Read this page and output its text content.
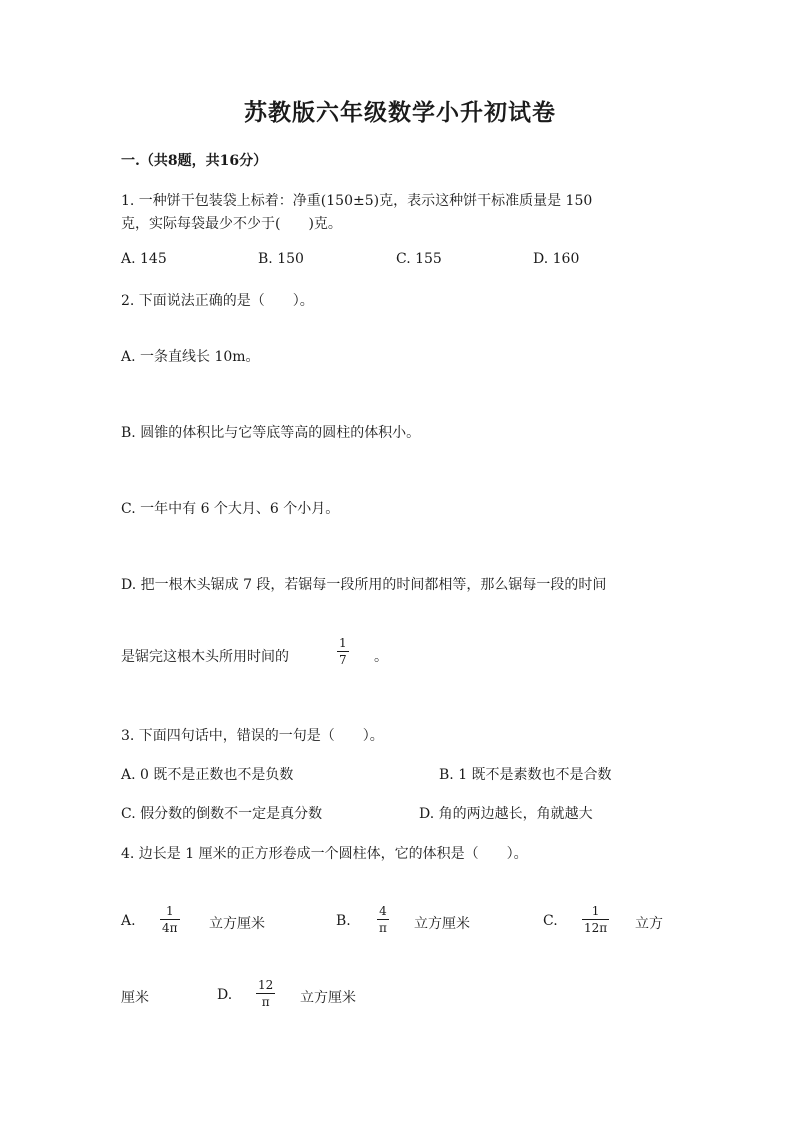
苏教版六年级数学小升初试卷
一.（共8题，共16分）
1. 一种饼干包装袋上标着：净重(150±5)克，表示这种饼干标准质量是 150
克，实际每袋最少不少于(　　)克。
A. 145	B. 150	C. 155	D. 160
2. 下面说法正确的是（　　）。
A. 一条直线长 10m。
B. 圆锥的体积比与它等底等高的圆柱的体积小。
C. 一年中有 6 个大月、6 个小月。
D. 把一根木头锯成 7 段，若锯每一段所用的时间都相等，那么锯每一段的时间
是锯完这根木头所用时间的
1
7 。
3. 下面四句话中，错误的一句是（　　）。
A. 0 既不是正数也不是负数	B. 1 既不是素数也不是合数
C. 假分数的倒数不一定是真分数	D. 角的两边越长，角就越大
4. 边长是 1 厘米的正方形卷成一个圆柱体，它的体积是（　　）。
A.
1
4π 立方厘米	B.
4
π 立方厘米	C.
1
12π 立方
厘米	D.
12
π 立方厘米
